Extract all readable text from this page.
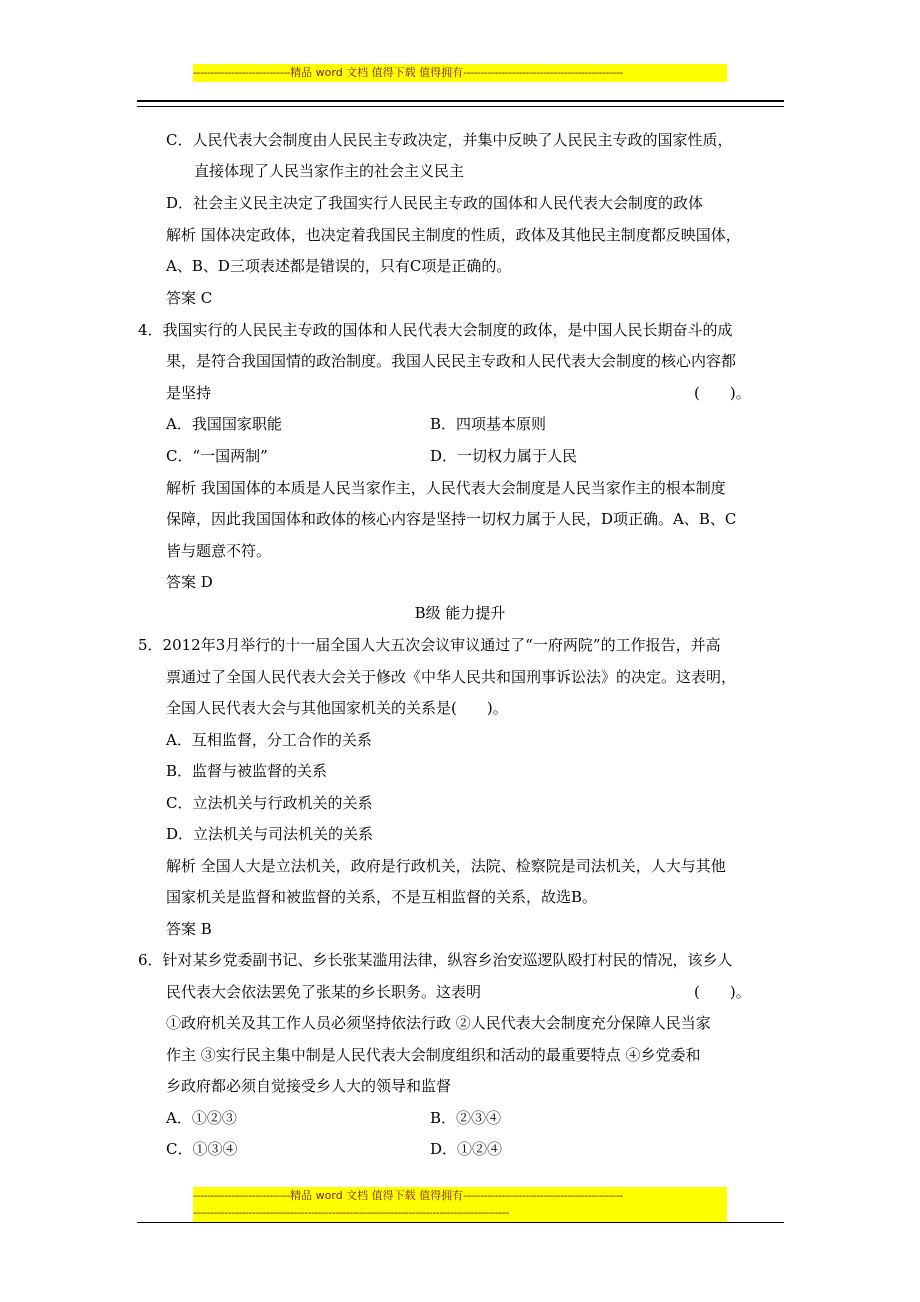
----------------------------精品 word 文档 值得下载 值得拥有----------------------------------------------
C．人民代表大会制度由人民民主专政决定，并集中反映了人民民主专政的国家性质，
直接体现了人民当家作主的社会主义民主
D．社会主义民主决定了我国实行人民民主专政的国体和人民代表大会制度的政体
解析 国体决定政体，也决定着我国民主制度的性质，政体及其他民主制度都反映国体，
A、B、D三项表述都是错误的，只有C项是正确的。
答案 C
4．我国实行的人民民主专政的国体和人民代表大会制度的政体，是中国人民长期奋斗的成
果，是符合我国国情的政治制度。我国人民民主专政和人民代表大会制度的核心内容都
是坚持	(　　)。
A．我国国家职能	B．四项基本原则
C．“一国两制”	D．一切权力属于人民
解析 我国国体的本质是人民当家作主，人民代表大会制度是人民当家作主的根本制度
保障，因此我国国体和政体的核心内容是坚持一切权力属于人民，D项正确。A、B、C
皆与题意不符。
答案 D
B级 能力提升
5．2012年3月举行的十一届全国人大五次会议审议通过了“一府两院”的工作报告，并高
票通过了全国人民代表大会关于修改《中华人民共和国刑事诉讼法》的决定。这表明，
全国人民代表大会与其他国家机关的关系是(　　)。
A．互相监督，分工合作的关系
B．监督与被监督的关系
C．立法机关与行政机关的关系
D．立法机关与司法机关的关系
解析 全国人大是立法机关，政府是行政机关，法院、检察院是司法机关，人大与其他
国家机关是监督和被监督的关系，不是互相监督的关系，故选B。
答案 B
6．针对某乡党委副书记、乡长张某滥用法律，纵容乡治安巡逻队殴打村民的情况，该乡人
民代表大会依法罢免了张某的乡长职务。这表明	(　　)。
①政府机关及其工作人员必须坚持依法行政 ②人民代表大会制度充分保障人民当家
作主 ③实行民主集中制是人民代表大会制度组织和活动的最重要特点 ④乡党委和
乡政府都必须自觉接受乡人大的领导和监督
A．①②③	B．②③④
C．①③④	D．①②④
----------------------------精品 word 文档 值得下载 值得拥有----------------------------------------------
-------------------------------------------------------------------------------------------
